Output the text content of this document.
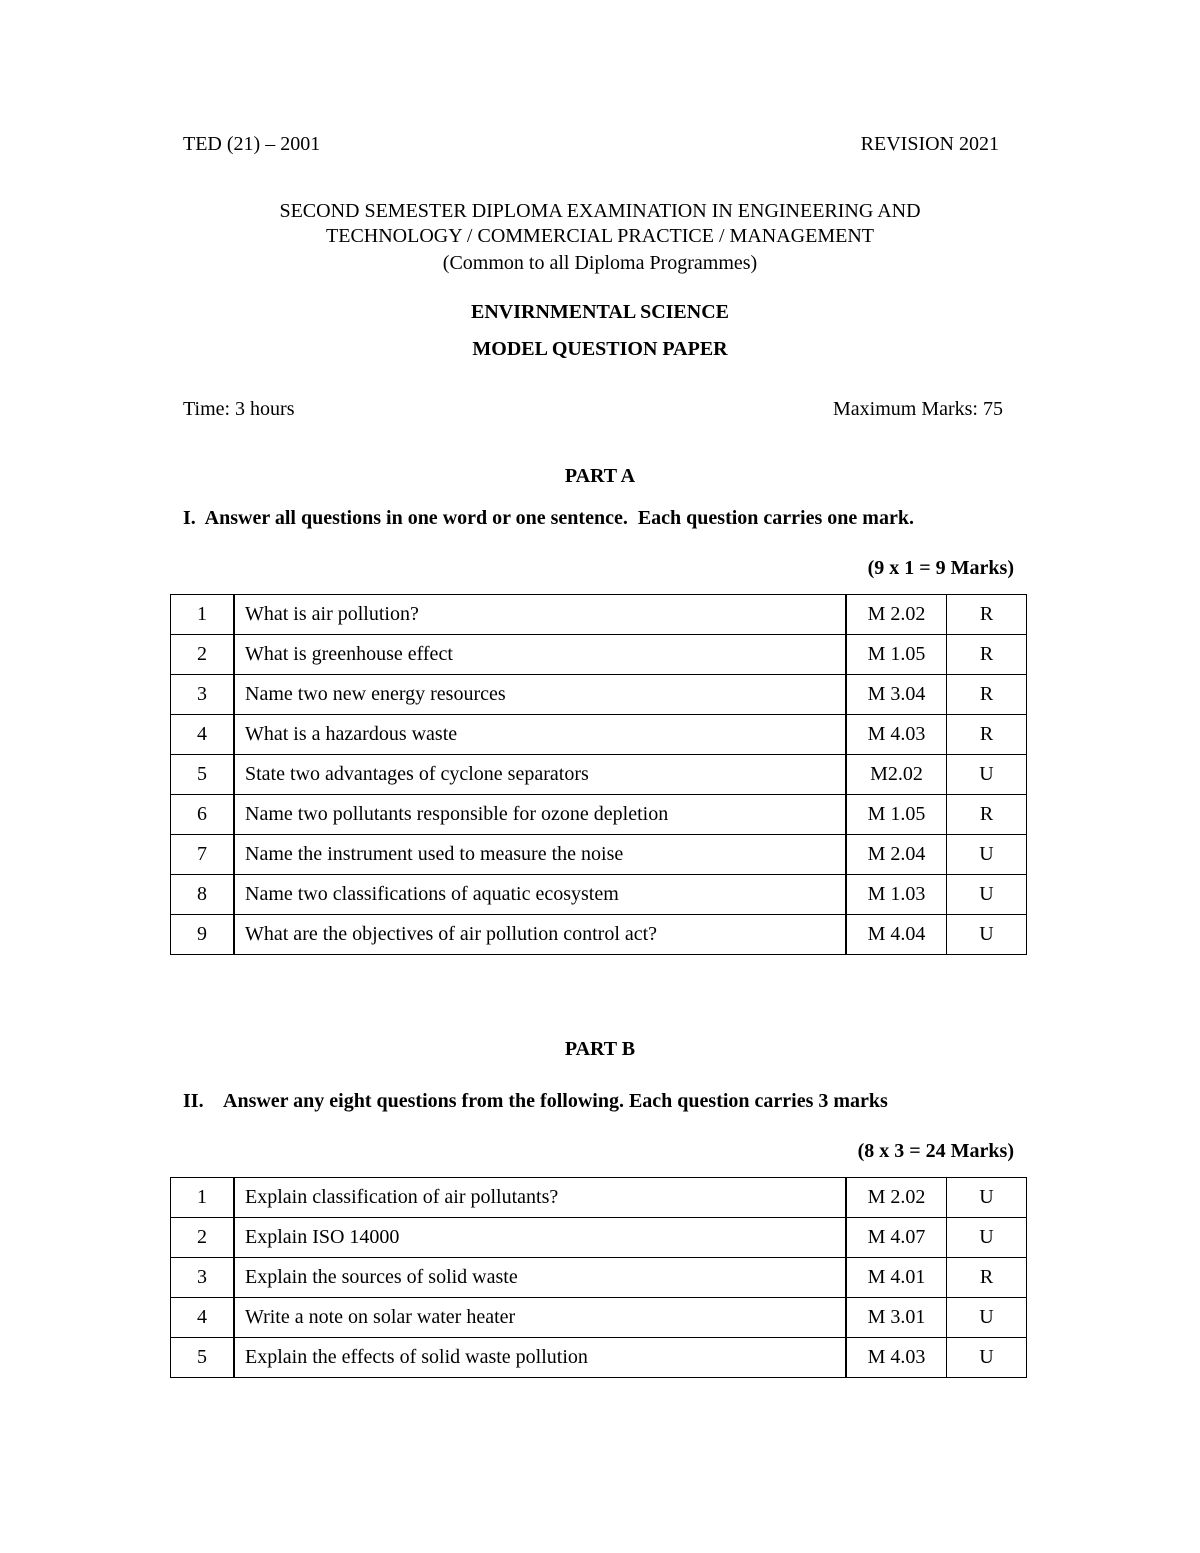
TED (21) – 2001	REVISION 2021
SECOND SEMESTER DIPLOMA EXAMINATION IN ENGINEERING AND
TECHNOLOGY / COMMERCIAL PRACTICE / MANAGEMENT
(Common to all Diploma Programmes)
ENVIRNMENTAL SCIENCE
MODEL QUESTION PAPER
Time: 3 hours	Maximum Marks: 75
PART A
I.  Answer all questions in one word or one sentence.  Each question carries one mark.
(9 x 1 = 9 Marks)
1	What is air pollution?	M 2.02	R
2	What is greenhouse effect	M 1.05	R
3	Name two new energy resources	M 3.04	R
4	What is a hazardous waste	M 4.03	R
5	State two advantages of cyclone separators	M2.02	U
6	Name two pollutants responsible for ozone depletion	M 1.05	R
7	Name the instrument used to measure the noise	M 2.04	U
8	Name two classifications of aquatic ecosystem	M 1.03	U
9	What are the objectives of air pollution control act?	M 4.04	U
PART B
II. Answer any eight questions from the following. Each question carries 3 marks
(8 x 3 = 24 Marks)
1	Explain classification of air pollutants?	M 2.02	U
2	Explain ISO 14000	M 4.07	U
3	Explain the sources of solid waste	M 4.01	R
4	Write a note on solar water heater	M 3.01	U
5	Explain the effects of solid waste pollution	M 4.03	U
